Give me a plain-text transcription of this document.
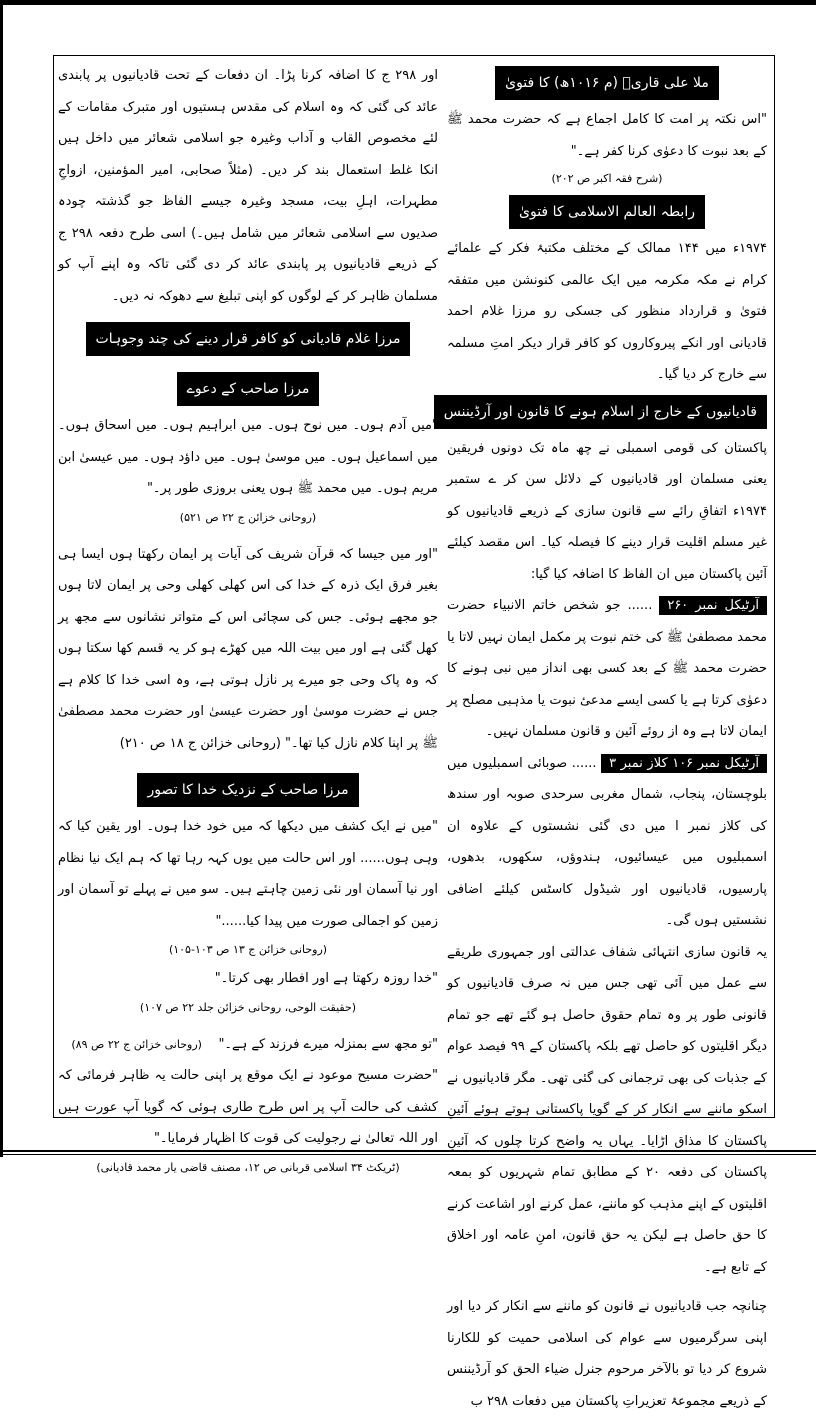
ملا علی قاریؒ (م ۱۰۱۶ھ) کا فتویٰ

"اس نکتہ پر امت کا کامل اجماع ہے کہ حضرت محمد ﷺ کے بعد نبوت کا دعوٰی کرنا کفر ہے۔"

(شرح فقہ اکبر ص ۲۰۲)

رابطہ العالم الاسلامی کا فتویٰ

۱۹۷۴ء میں ۱۴۴ ممالک کے مختلف مکتبۂ فکر کے علمائے کرام نے مکہ مکرمہ میں ایک عالمی کنونشن میں متفقہ فتویٰ و قرارداد منظور کی جسکی رو مرزا غلام احمد قادیانی اور انکے پیروکاروں کو کافر قرار دیکر امتِ مسلمہ سے خارج کر دیا گیا۔

قادیانیوں کے خارج از اسلام ہونے کا قانون اور آرڈیننس

پاکستان کی قومی اسمبلی نے چھ ماہ تک دونوں فریقین یعنی مسلمان اور قادیانیوں کے دلائل سن کر ے ستمبر ۱۹۷۴ء اتفاقِ رائے سے قانون سازی کے ذریعے قادیانیوں کو غیر مسلم اقلیت قرار دینے کا فیصلہ کیا۔ اس مقصد کیلئے آئین پاکستان میں ان الفاظ کا اضافہ کیا گیا:

آرٹیکل نمبر ۲۶۰ ...... جو شخص خاتم الانبیاء حضرت محمد مصطفیٰ ﷺ کی ختم نبوت پر مکمل ایمان نہیں لاتا یا حضرت محمد ﷺ کے بعد کسی بھی انداز میں نبی ہونے کا دعوٰی کرتا ہے یا کسی ایسے مدعیٔ نبوت یا مذہبی مصلح پر ایمان لاتا ہے وہ از روئے آئین و قانون مسلمان نہیں۔

آرٹیکل نمبر ۱۰۶ کلاز نمبر ۳ ...... صوبائی اسمبلیوں میں بلوچستان، پنجاب، شمال مغربی سرحدی صوبہ اور سندھ کی کلاز نمبر ا میں دی گئی نشستوں کے علاوہ ان اسمبلیوں میں عیسائیوں، ہندوؤں، سکھوں، بدھوں، پارسیوں، قادیانیوں اور شیڈول کاسٹس کیلئے اضافی نشستیں ہوں گی۔

یہ قانون سازی انتہائی شفاف عدالتی اور جمہوری طریقے سے عمل میں آئی تھی جس میں نہ صرف قادیانیوں کو قانونی طور پر وہ تمام حقوق حاصل ہو گئے تھے جو تمام دیگر اقلیتوں کو حاصل تھے بلکہ پاکستان کے ۹۹ فیصد عوام کے جذبات کی بھی ترجمانی کی گئی تھی۔ مگر قادیانیوں نے اسکو ماننے سے انکار کر کے گویا پاکستانی ہوتے ہوئے آئینِ پاکستان کا مذاق اڑایا۔ یہاں یہ واضح کرتا چلوں کہ آئینِ پاکستان کی دفعہ ۲۰ کے مطابق تمام شہریوں کو بمعہ اقلیتوں کے اپنے مذہب کو ماننے، عمل کرنے اور اشاعت کرنے کا حق حاصل ہے لیکن یہ حق قانون، امنِ عامہ اور اخلاق کے تابع ہے۔

چنانچہ جب قادیانیوں نے قانون کو ماننے سے انکار کر دیا اور اپنی سرگرمیوں سے عوام کی اسلامی حمیت کو للکارنا شروع کر دیا تو بالآخر مرحوم جنرل ضیاء الحق کو آرڈیننس کے ذریعے مجموعۂ تعزیراتِ پاکستان میں دفعات ۲۹۸ ب

اور ۲۹۸ ج کا اضافہ کرنا پڑا۔ ان دفعات کے تحت قادیانیوں پر پابندی عائد کی گئی کہ وہ اسلام کی مقدس ہستیوں اور متبرک مقامات کے لئے مخصوص القاب و آداب وغیرہ جو اسلامی شعائر میں داخل ہیں انکا غلط استعمال بند کر دیں۔ (مثلاً صحابی، امیر المؤمنین، ازواجِ مطہرات، اہلِ بیت، مسجد وغیرہ جیسے الفاظ جو گذشتہ چودہ صدیوں سے اسلامی شعائر میں شامل ہیں۔) اسی طرح دفعہ ۲۹۸ ج کے ذریعے قادیانیوں پر پابندی عائد کر دی گئی تاکہ وہ اپنے آپ کو مسلمان ظاہر کر کے لوگوں کو اپنی تبلیغ سے دھوکہ نہ دیں۔

مرزا غلام قادیانی کو کافر قرار دینے کی چند وجوہات
مرزا صاحب کے دعوے

"میں آدم ہوں۔ میں نوح ہوں۔ میں ابراہیم ہوں۔ میں اسحاق ہوں۔ میں اسماعیل ہوں۔ میں موسیٰ ہوں۔ میں داؤد ہوں۔ میں عیسیٰ ابن مریم ہوں۔ میں محمد ﷺ ہوں یعنی بروزی طور پر۔"

(روحانی خزائن ج ۲۲ ص ۵۲۱)

"اور میں جیسا کہ قرآن شریف کی آیات پر ایمان رکھتا ہوں ایسا ہی بغیر فرق ایک ذرہ کے خدا کی اس کھلی کھلی وحی پر ایمان لاتا ہوں جو مجھے ہوئی۔ جس کی سچائی اس کے متواتر نشانوں سے مجھ پر کھل گئی ہے اور میں بیت اللہ میں کھڑے ہو کر یہ قسم کھا سکتا ہوں کہ وہ پاک وحی جو میرے پر نازل ہوتی ہے، وہ اسی خدا کا کلام ہے جس نے حضرت موسیٰ اور حضرت عیسیٰ اور حضرت محمد مصطفیٰ ﷺ پر اپنا کلام نازل کیا تھا۔" (روحانی خزائن ج ۱۸ ص ۲۱۰)

مرزا صاحب کے نزدیک خدا کا تصور

"میں نے ایک کشف میں دیکھا کہ میں خود خدا ہوں۔ اور یقین کیا کہ وہی ہوں...... اور اس حالت میں یوں کہہ رہا تھا کہ ہم ایک نیا نظام اور نیا آسمان اور نئی زمین چاہتے ہیں۔ سو میں نے پہلے تو آسمان اور زمین کو اجمالی صورت میں پیدا کیا......"

(روحانی خزائن ج ۱۳ ص ۱۰۳-۱۰۵)

"خدا روزہ رکھتا ہے اور افطار بھی کرتا۔"

(حقیقت الوحی، روحانی خزائن جلد ۲۲ ص ۱۰۷)

"تو مجھ سے بمنزلہ میرے فرزند کے ہے۔"    (روحانی خزائن ج ۲۲ ص ۸۹)

"حضرت مسیح موعود نے ایک موقع پر اپنی حالت یہ ظاہر فرمائی کہ کشف کی حالت آپ پر اس طرح طاری ہوئی کہ گویا آپ عورت ہیں اور اللہ تعالیٰ نے رجولیت کی قوت کا اظہار فرمایا۔"

(ٹریکٹ ۳۴ اسلامی قربانی ص ۱۲، مصنف قاضی یار محمد قادیانی)
